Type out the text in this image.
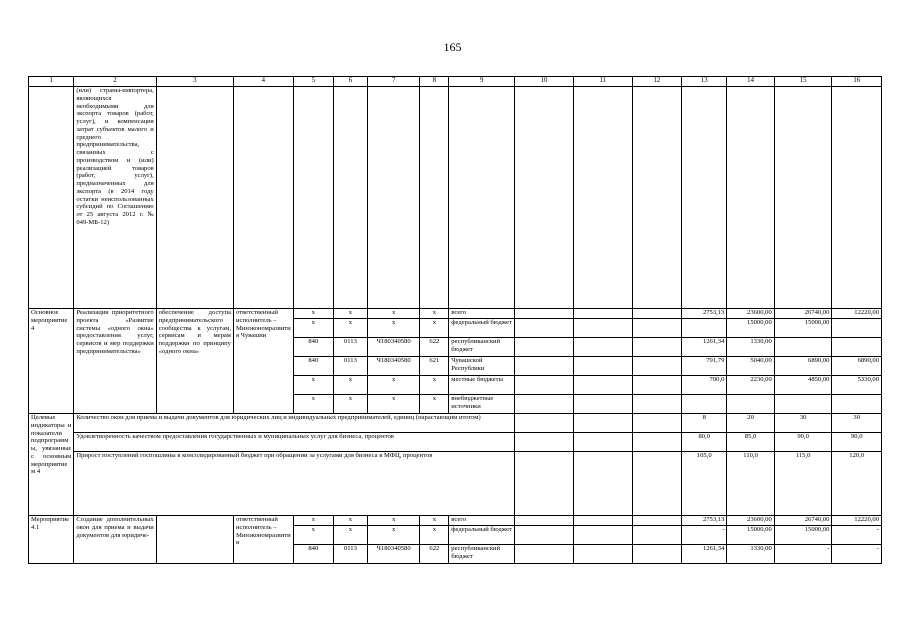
165
1	2	3	4	5	6	7	8	9	10	11	12	13	14	15	16
	(или) страны-импортера, являющихся необходимыми для экспорта товаров (работ, услуг), и компенсация затрат субъектов малого и среднего предпринимательства, связанных с производством и (или) реализацией товаров (работ, услуг), предназначенных для экспорта (в 2014 году остатки неиспользованных субсидий по Соглашению от 25 августа 2012 г. № 049-МБ-12)														
Основное мероприятие 4	Реализация приоритетного проекта «Развитие системы «одного окна» предоставления услуг, сервисов и мер поддержки предпринимательства»	обеспечение доступа предпринимательского сообщества к услугам, сервисам и мерам поддержки по принципу «одного окна»	ответственный исполнитель – Минэкономразвития Чувашии	x	x	x	x	всего				2753,13	23600,00	26740,00	12220,00
				x	x	x	x	федеральный бюджет					15000,00	15000,00	
				840	0113	Ч180340580	622	республиканский бюджет				1261,34	1330,00		
				840	0113	Ч180340580	621	Чувашской Республики				791,79	5040,00	6890,00	6890,00
				x	x	x	x	местные бюджеты				700,0	2230,00	4850,00	5330,00
				x	x	x	x	внебюджетные источники							
Целевые индикаторы и показатели подпрограммы, увязанные с основным мероприятием 4	Количество окон для приема и выдачи документов для юридических лиц и индивидуальных предпринимателей, единиц (нарастающим итогом)											8	20	30	30
	Удовлетворенность качеством предоставления государственных и муниципальных услуг для бизнеса, процентов											80,0	85,0	90,0	90,0
	Прирост поступлений госпошлины в консолидированный бюджет при обращении за услугами для бизнеса в МФЦ, процентов											105,0	110,0	115,0	120,0
Мероприятие 4.1	Создание дополнительных окон для приема и выдачи документов для юридиче-		ответственный исполнитель – Минэкономразвития	x	x	x	x	всего				2753,13	23600,00	26740,00	12220,00
				x	x	x	x	федеральный бюджет				-	15000,00	15000,00	-
				840	0113	Ч180340580	622	республиканский бюджет				1261,34	1330,00	-	-
